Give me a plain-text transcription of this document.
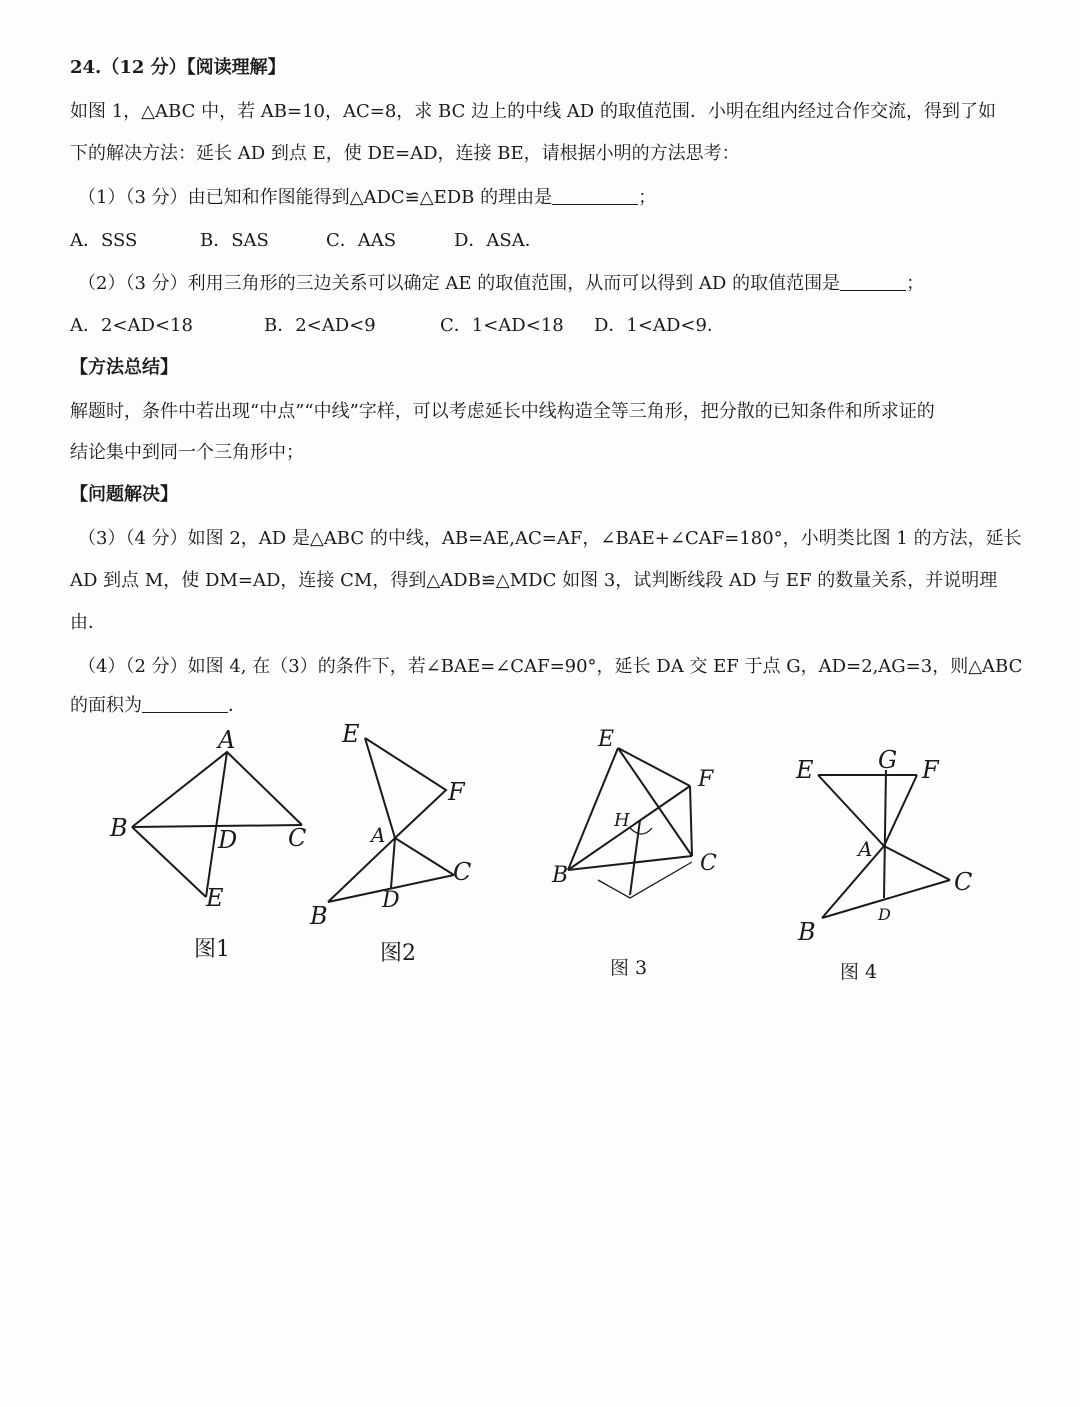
24.（12 分）【阅读理解】
如图 1，△ABC 中，若 AB=10，AC=8，求 BC 边上的中线 AD 的取值范围．小明在组内经过合作交流，得到了如
下的解决方法：延长 AD 到点 E，使 DE=AD，连接 BE，请根据小明的方法思考：
（1）（3 分）由已知和作图能得到△ADC≌△EDB 的理由是	；
A．SSS	B．SAS	C．AAS	D．ASA．
（2）（3 分）利用三角形的三边关系可以确定 AE 的取值范围，从而可以得到 AD 的取值范围是	；
A．2<AD<18	B．2<AD<9	C．1<AD<18 D．1<AD<9．
【方法总结】
解题时，条件中若出现“中点”“中线”字样，可以考虑延长中线构造全等三角形，把分散的已知条件和所求证的
结论集中到同一个三角形中；
【问题解决】
（3）（4 分）如图 2，AD 是△ABC 的中线，AB=AE,AC=AF，∠BAE+∠CAF=180°，小明类比图 1 的方法，延长
AD 到点 M，使 DM=AD，连接 CM，得到△ADB≌△MDC 如图 3，试判断线段 AD 与 EF 的数量关系，并说明理
由．
（4）（2 分）如图 4, 在（3）的条件下，若∠BAE=∠CAF=90°，延长 DA 交 EF 于点 G，AD=2,AG=3，则△ABC
的面积为	．
A
B	C
D
E
图1
E
F
A
C
D
B
图2
E
F
H
B	C
图 3
E	G F
A
C
B
D
图 4
